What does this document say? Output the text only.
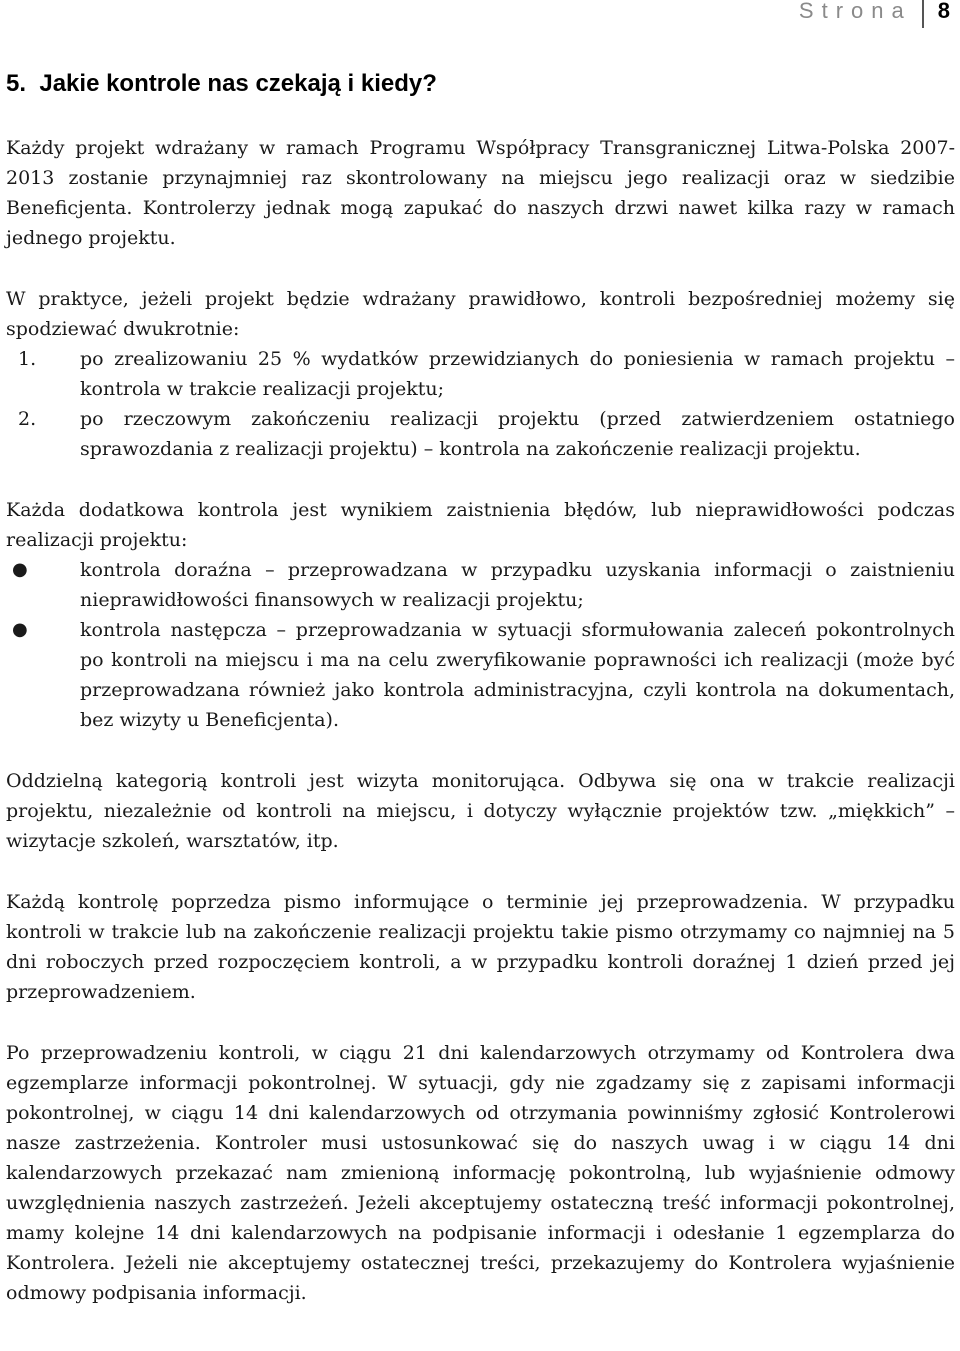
Strona	8
5.  Jakie kontrole nas czekają i kiedy?

Każdy projekt wdrażany w ramach Programu Współpracy Transgranicznej Litwa-Polska 2007-2013 zostanie przynajmniej raz skontrolowany na miejscu jego realizacji oraz w siedzibie Beneficjenta. Kontrolerzy jednak mogą zapukać do naszych drzwi nawet kilka razy w ramach jednego projektu.

W praktyce, jeżeli projekt będzie wdrażany prawidłowo, kontroli bezpośredniej możemy się spodziewać dwukrotnie:

1. po zrealizowaniu 25 % wydatków przewidzianych do poniesienia w ramach projektu – kontrola w trakcie realizacji projektu;
2. po rzeczowym zakończeniu realizacji projektu (przed zatwierdzeniem ostatniego sprawozdania z realizacji projektu) – kontrola na zakończenie realizacji projektu.

Każda dodatkowa kontrola jest wynikiem zaistnienia błędów, lub nieprawidłowości podczas realizacji projektu:

●	kontrola doraźna – przeprowadzana w przypadku uzyskania informacji o zaistnieniu nieprawidłowości finansowych w realizacji projektu;
●	kontrola następcza – przeprowadzania w sytuacji sformułowania zaleceń pokontrolnych po kontroli na miejscu i ma na celu zweryfikowanie poprawności ich realizacji (może być przeprowadzana również jako kontrola administracyjna, czyli kontrola na dokumentach, bez wizyty u Beneficjenta).

Oddzielną kategorią kontroli jest wizyta monitorująca. Odbywa się ona w trakcie realizacji projektu, niezależnie od kontroli na miejscu, i dotyczy wyłącznie projektów tzw. „miękkich” – wizytacje szkoleń, warsztatów, itp.

Każdą kontrolę poprzedza pismo informujące o terminie jej przeprowadzenia. W przypadku kontroli w trakcie lub na zakończenie realizacji projektu takie pismo otrzymamy co najmniej na 5 dni roboczych przed rozpoczęciem kontroli, a w przypadku kontroli doraźnej 1 dzień przed jej przeprowadzeniem.

Po przeprowadzeniu kontroli, w ciągu 21 dni kalendarzowych otrzymamy od Kontrolera dwa egzemplarze informacji pokontrolnej. W sytuacji, gdy nie zgadzamy się z zapisami informacji pokontrolnej, w ciągu 14 dni kalendarzowych od otrzymania powinniśmy zgłosić Kontrolerowi nasze zastrzeżenia. Kontroler musi ustosunkować się do naszych uwag i w ciągu 14 dni kalendarzowych przekazać nam zmienioną informację pokontrolną, lub wyjaśnienie odmowy uwzględnienia naszych zastrzeżeń. Jeżeli akceptujemy ostateczną treść informacji pokontrolnej, mamy kolejne 14 dni kalendarzowych na podpisanie informacji i odesłanie 1 egzemplarza do Kontrolera. Jeżeli nie akceptujemy ostatecznej treści, przekazujemy do Kontrolera wyjaśnienie odmowy podpisania informacji.
